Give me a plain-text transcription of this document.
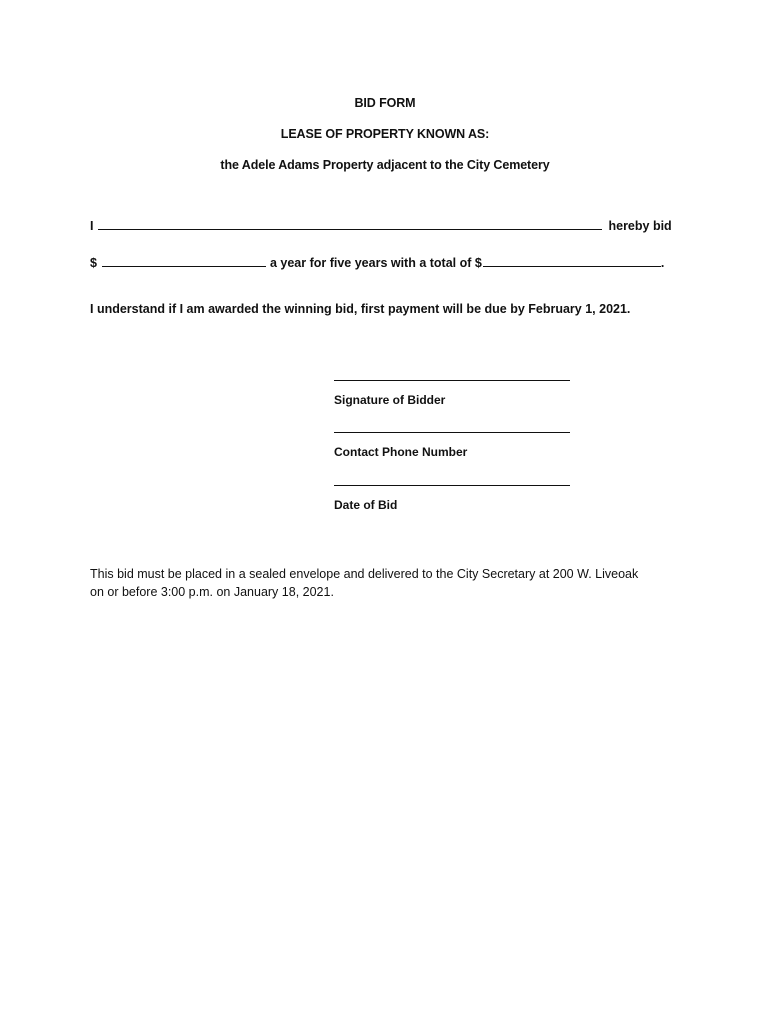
BID FORM
LEASE OF PROPERTY KNOWN AS:
the Adele Adams Property adjacent to the City Cemetery
I	hereby bid
$	a year for five years with a total of $	.
I understand if I am awarded the winning bid, first payment will be due by February 1, 2021.
Signature of Bidder
Contact Phone Number
Date of Bid
This bid must be placed in a sealed envelope and delivered to the City Secretary at 200 W. Liveoak
on or before 3:00 p.m. on January 18, 2021.
